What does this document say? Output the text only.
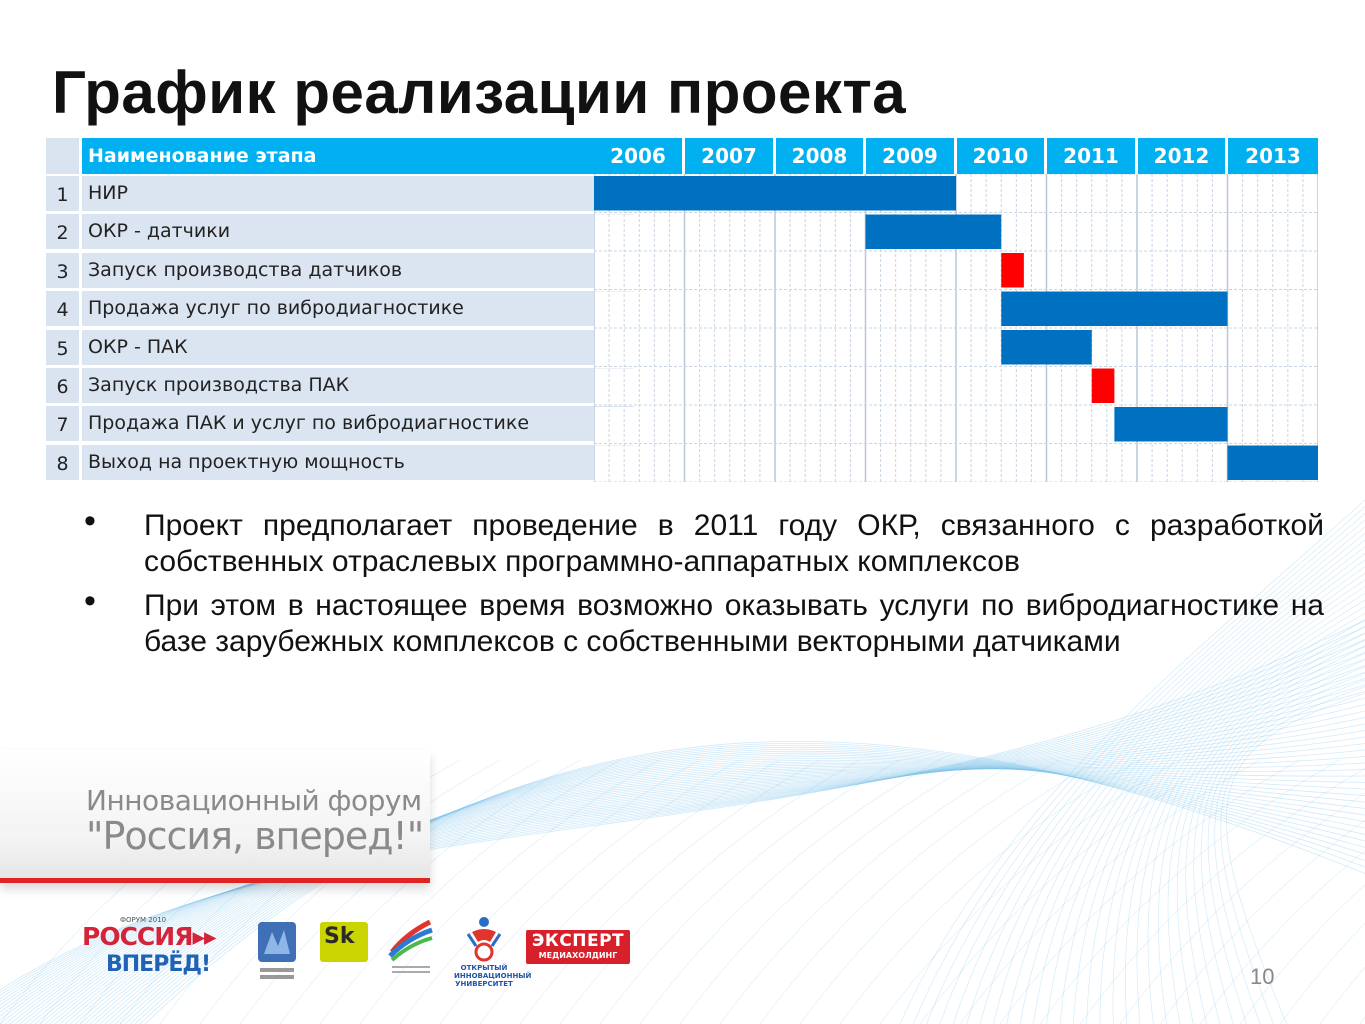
График реализации проекта
Наименование этапа	2006	2007	2008	2009	2010	2011	2012	2013
1	НИР
2	ОКР - датчики
3	Запуск производства датчиков
4	Продажа услуг по вибродиагностике
5	ОКР - ПАК
6	Запуск производства ПАК
7	Продажа ПАК и услуг по вибродиагностике
8	Выход на проектную мощность
• Проект предполагает проведение в 2011 году ОКР, связанного с разработкой собственных отраслевых программно-аппаратных комплексов
• При этом в настоящее время возможно оказывать услуги по вибродиагностике на базе зарубежных комплексов с собственными векторными датчиками
Инновационный форум
"Россия, вперед!"
ФОРУМ 2010
РОССИЯ▸▸
ВПЕРЁД!
Sk
ОТКРЫТЫЙ ИННОВАЦИОННЫЙ УНИВЕРСИТЕТ
ЭКСПЕРТ
МЕДИАХОЛДИНГ
10
